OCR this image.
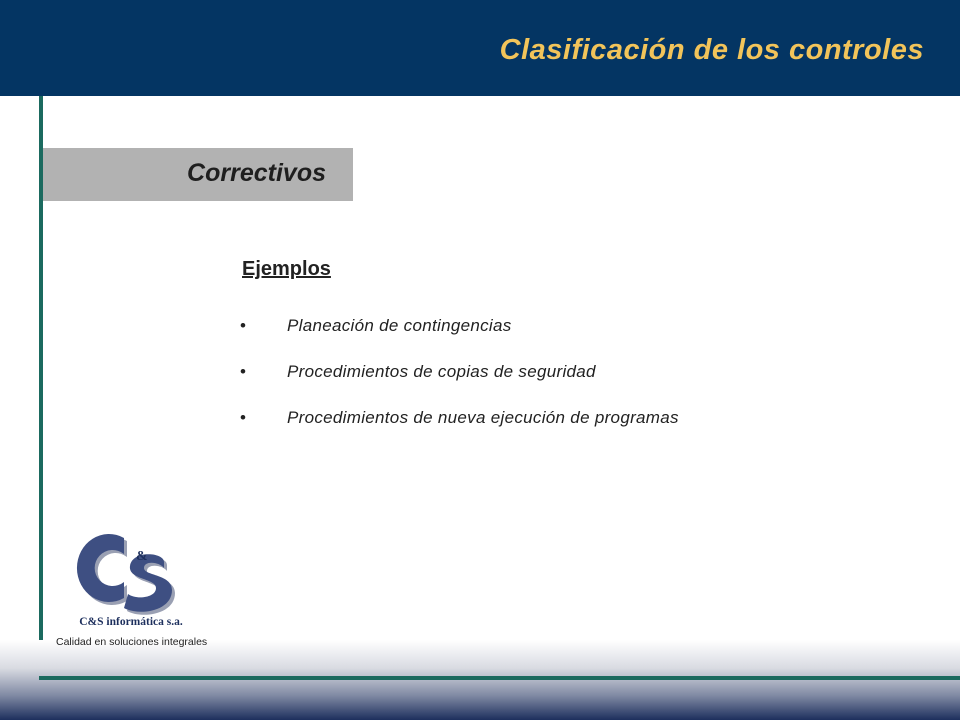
Clasificación de los controles
Correctivos
Ejemplos
• Planeación de contingencias
• Procedimientos de copias de seguridad
• Procedimientos de nueva ejecución de programas
&
C&S informática s.a.
Calidad en soluciones integrales
